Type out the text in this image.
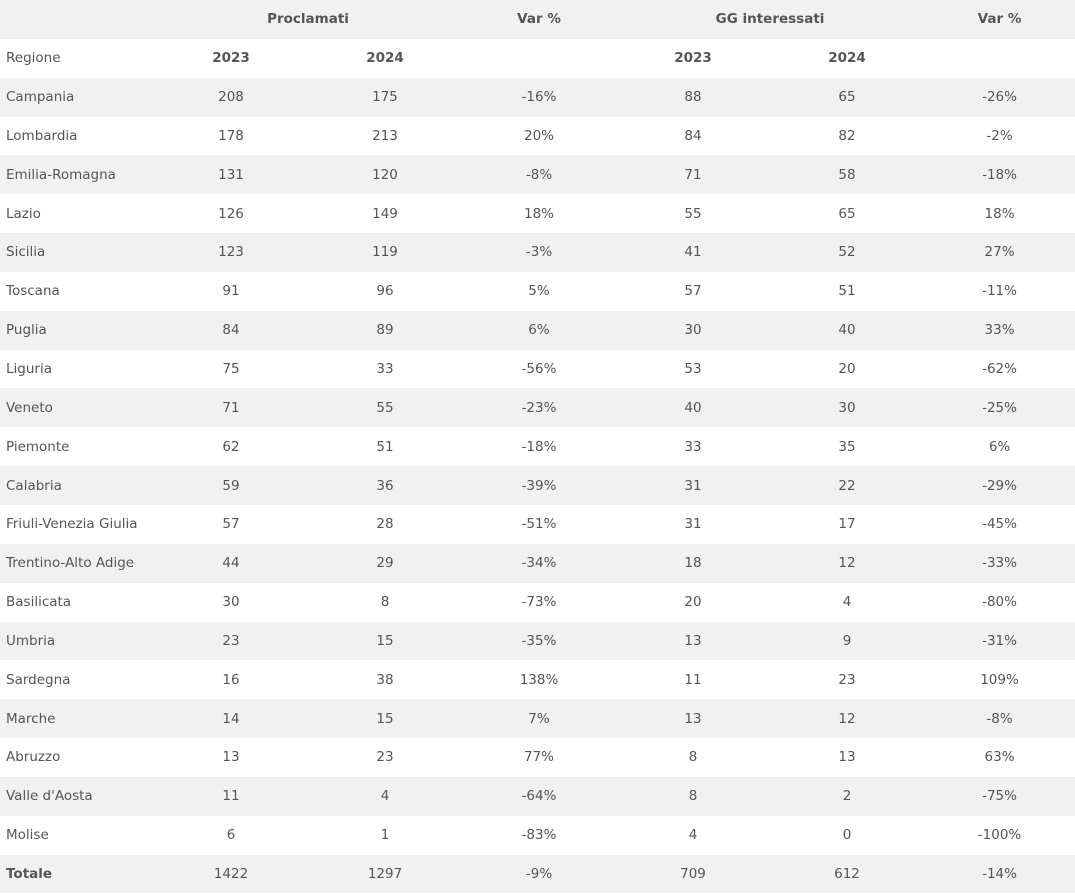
	Proclamati		Var %	GG interessati		Var %
Regione	2023	2024		2023	2024	
Campania	208	175	-16%	88	65	-26%
Lombardia	178	213	20%	84	82	-2%
Emilia-Romagna	131	120	-8%	71	58	-18%
Lazio	126	149	18%	55	65	18%
Sicilia	123	119	-3%	41	52	27%
Toscana	91	96	5%	57	51	-11%
Puglia	84	89	6%	30	40	33%
Liguria	75	33	-56%	53	20	-62%
Veneto	71	55	-23%	40	30	-25%
Piemonte	62	51	-18%	33	35	6%
Calabria	59	36	-39%	31	22	-29%
Friuli-Venezia Giulia	57	28	-51%	31	17	-45%
Trentino-Alto Adige	44	29	-34%	18	12	-33%
Basilicata	30	8	-73%	20	4	-80%
Umbria	23	15	-35%	13	9	-31%
Sardegna	16	38	138%	11	23	109%
Marche	14	15	7%	13	12	-8%
Abruzzo	13	23	77%	8	13	63%
Valle d'Aosta	11	4	-64%	8	2	-75%
Molise	6	1	-83%	4	0	-100%
Totale	1422	1297	-9%	709	612	-14%
